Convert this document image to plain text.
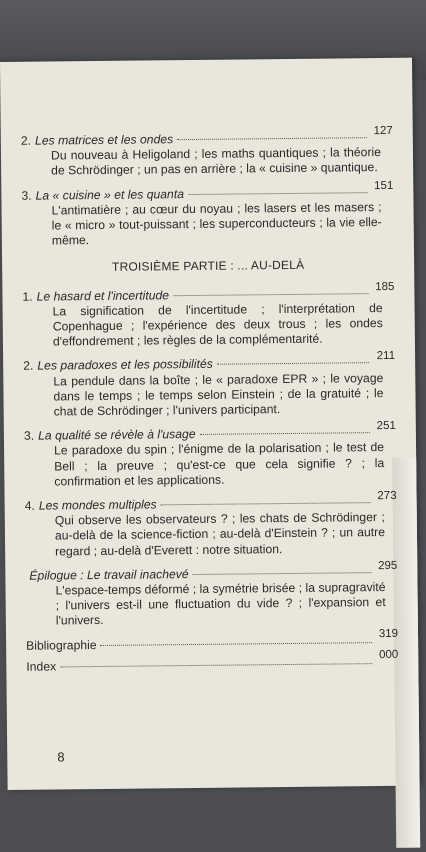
2. Les matrices et les ondes
127
Du nouveau à Heligoland ; les maths quantiques ; la théorie de Schrödinger ; un pas en arrière ; la « cuisine » quantique.
3. La « cuisine » et les quanta
151
L'antimatière ; au cœur du noyau ; les lasers et les masers ; le « micro » tout-puissant ; les superconducteurs ; la vie elle-même.
TROISIÈME PARTIE : ... AU-DELÀ
1. Le hasard et l'incertitude
185
La signification de l'incertitude ; l'interprétation de Copenhague ; l'expérience des deux trous ; les ondes d'effondrement ; les règles de la complémentarité.
2. Les paradoxes et les possibilités
211
La pendule dans la boîte ; le « paradoxe EPR » ; le voyage dans le temps ; le temps selon Einstein ; de la gratuité ; le chat de Schrödinger ; l'univers participant.
3. La qualité se révèle à l'usage
251
Le paradoxe du spin ; l'énigme de la polarisation ; le test de Bell ; la preuve ; qu'est-ce que cela signifie ? ; la confirmation et les applications.
4. Les mondes multiples
273
Qui observe les observateurs ? ; les chats de Schrödinger ; au-delà de la science-fiction ; au-delà d'Einstein ? ; un autre regard ; au-delà d'Everett : notre situation.
Épilogue : Le travail inachevé
295
L'espace-temps déformé ; la symétrie brisée ; la supragravité ; l'univers est-il une fluctuation du vide ? ; l'expansion et l'univers.
Bibliographie
319
Index
000
8
